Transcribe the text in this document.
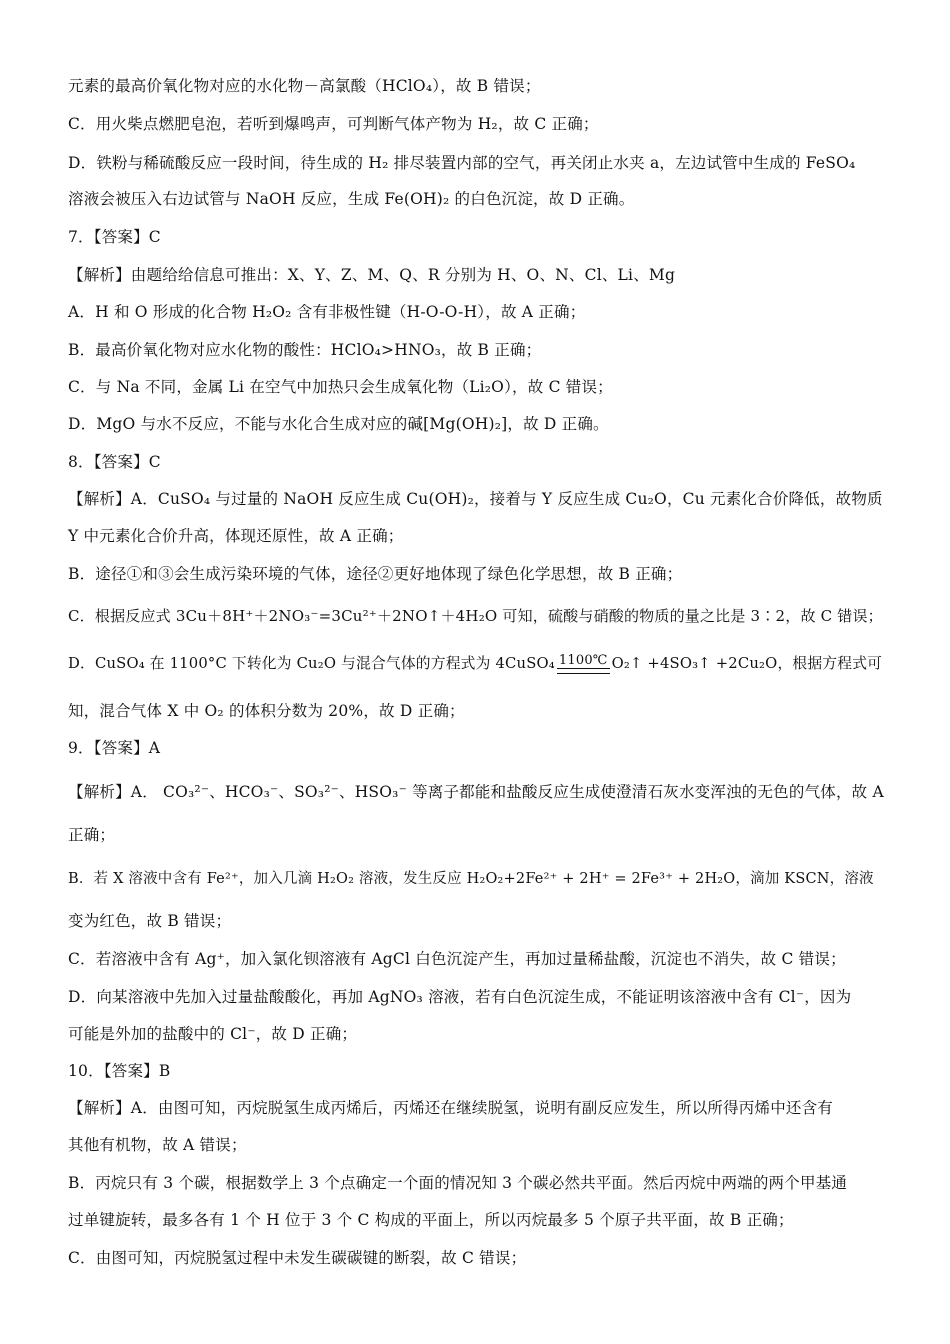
元素的最高价氧化物对应的水化物－高氯酸（HClO₄），故 B 错误；
C．用火柴点燃肥皂泡，若听到爆鸣声，可判断气体产物为 H₂，故 C 正确；
D．铁粉与稀硫酸反应一段时间，待生成的 H₂ 排尽装置内部的空气，再关闭止水夹 a，左边试管中生成的 FeSO₄
溶液会被压入右边试管与 NaOH 反应，生成 Fe(OH)₂ 的白色沉淀，故 D 正确。
7．【答案】C
【解析】由题给给信息可推出：X、Y、Z、M、Q、R 分别为 H、O、N、Cl、Li、Mg
A．H 和 O 形成的化合物 H₂O₂ 含有非极性键（H-O-O-H），故 A 正确；
B．最高价氧化物对应水化物的酸性：HClO₄>HNO₃，故 B 正确；
C．与 Na 不同，金属 Li 在空气中加热只会生成氧化物（Li₂O），故 C 错误；
D．MgO 与水不反应，不能与水化合生成对应的碱[Mg(OH)₂]，故 D 正确。
8．【答案】C
【解析】A．CuSO₄ 与过量的 NaOH 反应生成 Cu(OH)₂，接着与 Y 反应生成 Cu₂O，Cu 元素化合价降低，故物质
Y 中元素化合价升高，体现还原性，故 A 正确；
B．途径①和③会生成污染环境的气体，途径②更好地体现了绿色化学思想，故 B 正确；
C．根据反应式 3Cu＋8H⁺＋2NO₃⁻=3Cu²⁺＋2NO↑＋4H₂O 可知，硫酸与硝酸的物质的量之比是 3∶2，故 C 错误；
D．CuSO₄ 在 1100°C 下转化为 Cu₂O 与混合气体的方程式为 4CuSO₄ 1100℃ O₂↑ +4SO₃↑ +2Cu₂O，根据方程式可
知，混合气体 X 中 O₂ 的体积分数为 20%，故 D 正确；
9．【答案】A
【解析】A． CO₃²⁻、HCO₃⁻、SO₃²⁻、HSO₃⁻ 等离子都能和盐酸反应生成使澄清石灰水变浑浊的无色的气体，故 A
正确；
B．若 X 溶液中含有 Fe²⁺，加入几滴 H₂O₂ 溶液，发生反应 H₂O₂+2Fe²⁺ + 2H⁺ = 2Fe³⁺ + 2H₂O，滴加 KSCN，溶液
变为红色，故 B 错误；
C．若溶液中含有 Ag⁺，加入氯化钡溶液有 AgCl 白色沉淀产生，再加过量稀盐酸，沉淀也不消失，故 C 错误；
D．向某溶液中先加入过量盐酸酸化，再加 AgNO₃ 溶液，若有白色沉淀生成，不能证明该溶液中含有 Cl⁻，因为
可能是外加的盐酸中的 Cl⁻，故 D 正确；
10．【答案】B
【解析】A．由图可知，丙烷脱氢生成丙烯后，丙烯还在继续脱氢，说明有副反应发生，所以所得丙烯中还含有
其他有机物，故 A 错误；
B．丙烷只有 3 个碳，根据数学上 3 个点确定一个面的情况知 3 个碳必然共平面。然后丙烷中两端的两个甲基通
过单键旋转，最多各有 1 个 H 位于 3 个 C 构成的平面上，所以丙烷最多 5 个原子共平面，故 B 正确；
C．由图可知，丙烷脱氢过程中未发生碳碳键的断裂，故 C 错误；
